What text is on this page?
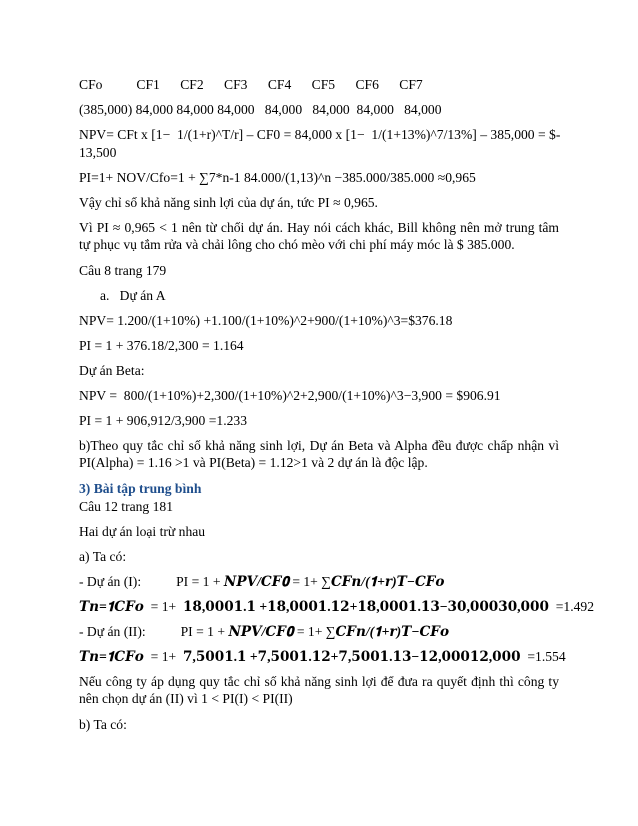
CFo          CF1      CF2      CF3      CF4      CF5      CF6      CF7
(385,000) 84,000 84,000 84,000   84,000   84,000  84,000   84,000
NPV= CFt x [1−  1/(1+r)^T/r] – CF0 = 84,000 x [1−  1/(1+13%)^7/13%] – 385,000 = $-
13,500
PI=1+ NOV/Cfo=1 + ∑7*n-1 84.000/(1,13)^n −385.000/385.000 ≈0,965
Vậy chỉ số khả năng sinh lợi của dự án, tức PI ≈ 0,965.
Vì PI ≈ 0,965 < 1 nên từ chối dự án. Hay nói cách khác, Bill không nên mở trung tâm tự phục vụ tắm rửa và chải lông cho chó mèo với chi phí máy móc là $ 385.000.
Câu 8 trang 179
a.   Dự án A
NPV= 1.200/(1+10%) +1.100/(1+10%)^2+900/(1+10%)^3=$376.18
PI = 1 + 376.18/2,300 = 1.164
Dự án Beta:
NPV =  800/(1+10%)+2,300/(1+10%)^2+2,900/(1+10%)^3−3,900 = $906.91
PI = 1 + 906,912/3,900 =1.233
b)Theo quy tắc chỉ số khả năng sinh lợi, Dự án Beta và Alpha đều được chấp nhận vì PI(Alpha) = 1.16 >1 và PI(Beta) = 1.12>1 và 2 dự án là độc lập.
3) Bài tập trung bình
Câu 12 trang 181
Hai dự án loại trừ nhau
a) Ta có:
- Dự án (I):	PI = 1 + 𝑵𝑷𝑽/𝑪𝑭𝟎 = 1+ ∑𝑪𝑭𝒏/(𝟏+𝒓)𝑻−𝑪𝑭𝒐
𝑻𝒏=𝟏𝑪𝑭𝒐  = 1+  𝟏𝟖,𝟎𝟎𝟎𝟏.𝟏 +𝟏𝟖,𝟎𝟎𝟎𝟏.𝟏𝟐+𝟏𝟖,𝟎𝟎𝟎𝟏.𝟏𝟑−𝟑𝟎,𝟎𝟎𝟎𝟑𝟎,𝟎𝟎𝟎  =1.492
- Dự án (II):	PI = 1 + 𝑵𝑷𝑽/𝑪𝑭𝟎 = 1+ ∑𝑪𝑭𝒏/(𝟏+𝒓)𝑻−𝑪𝑭𝒐
𝑻𝒏=𝟏𝑪𝑭𝒐  = 1+  𝟕,𝟓𝟎𝟎𝟏.𝟏 +𝟕,𝟓𝟎𝟎𝟏.𝟏𝟐+𝟕,𝟓𝟎𝟎𝟏.𝟏𝟑−𝟏𝟐,𝟎𝟎𝟎𝟏𝟐,𝟎𝟎𝟎  =1.554
Nếu công ty áp dụng quy tắc chỉ số khả năng sinh lợi để đưa ra quyết định thì công ty nên chọn dự án (II) vì 1 < PI(I) < PI(II)
b) Ta có:
